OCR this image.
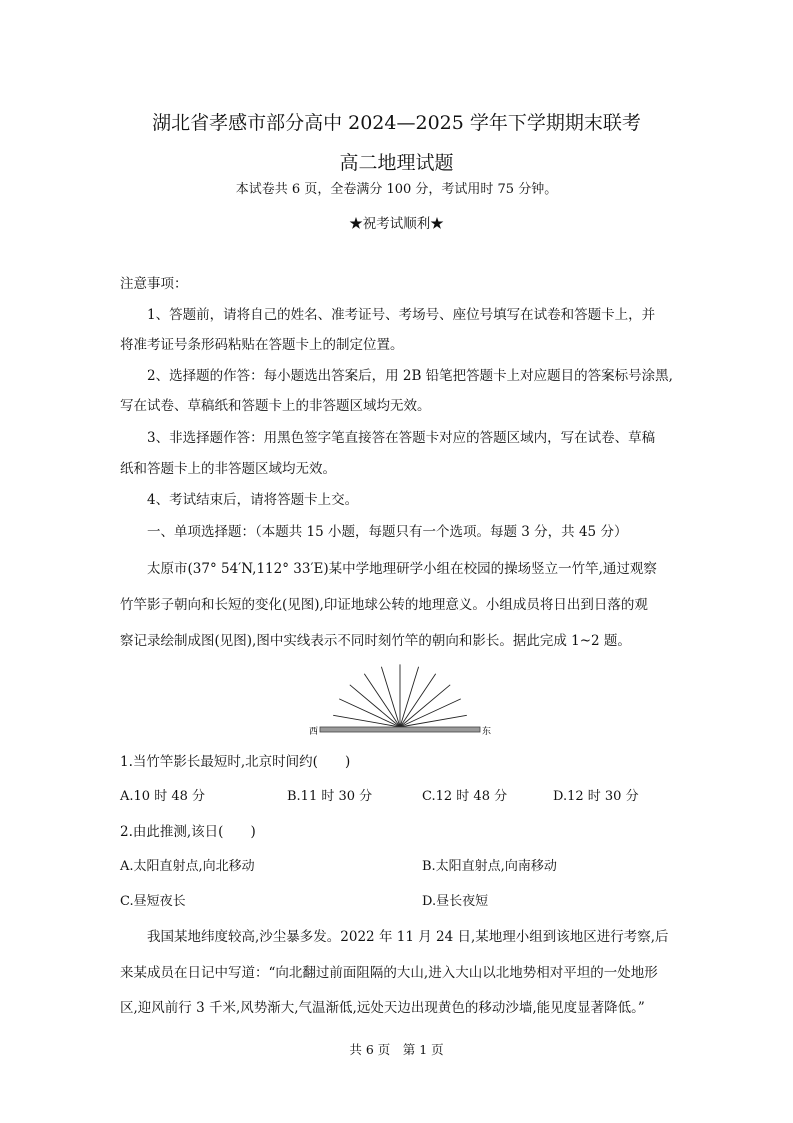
湖北省孝感市部分高中 2024—2025 学年下学期期末联考
高二地理试题
本试卷共 6 页，全卷满分 100 分，考试用时 75 分钟。
★祝考试顺利★
注意事项：
1、答题前，请将自己的姓名、准考证号、考场号、座位号填写在试卷和答题卡上，并
将准考证号条形码粘贴在答题卡上的制定位置。
2、选择题的作答：每小题选出答案后，用 2B 铅笔把答题卡上对应题目的答案标号涂黑,
写在试卷、草稿纸和答题卡上的非答题区域均无效。
3、非选择题作答：用黑色签字笔直接答在答题卡对应的答题区域内，写在试卷、草稿
纸和答题卡上的非答题区域均无效。
4、考试结束后，请将答题卡上交。
一、单项选择题：（本题共 15 小题，每题只有一个选项。每题 3 分，共 45 分）
太原市(37° 54′N,112° 33′E)某中学地理研学小组在校园的操场竖立一竹竿,通过观察
竹竿影子朝向和长短的变化(见图),印证地球公转的地理意义。小组成员将日出到日落的观
察记录绘制成图(见图),图中实线表示不同时刻竹竿的朝向和影长。据此完成 1~2 题。
西	东
1.当竹竿影长最短时,北京时间约(　　)
A.10 时 48 分	B.11 时 30 分	C.12 时 48 分	D.12 时 30 分
2.由此推测,该日(　　)
A.太阳直射点,向北移动	B.太阳直射点,向南移动
C.昼短夜长	D.昼长夜短
我国某地纬度较高,沙尘暴多发。2022 年 11 月 24 日,某地理小组到该地区进行考察,后
来某成员在日记中写道：“向北翻过前面阻隔的大山,进入大山以北地势相对平坦的一处地形
区,迎风前行 3 千米,风势渐大,气温渐低,远处天边出现黄色的移动沙墙,能见度显著降低。”
共 6 页　第 1 页
